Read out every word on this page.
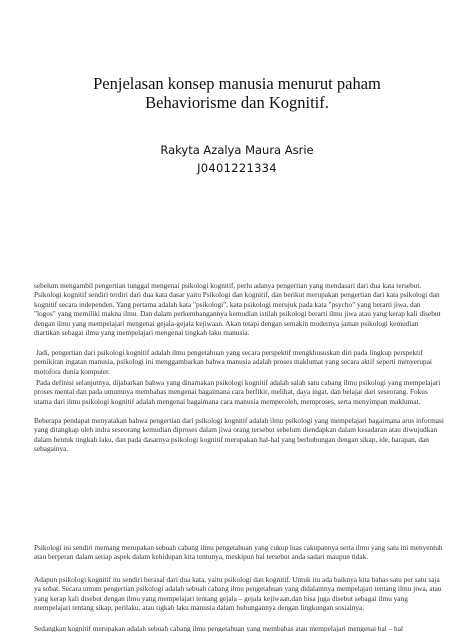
Penjelasan konsep manusia menurut paham
Behaviorisme dan Kognitif.
Rakyta Azalya Maura Asrie
J0401221334

sebelum mengambil pengertian tunggal mengenai psikologi kognitif, perlu adanya pengertian yang mendasari dari dua kata tersebut. Psikologi kognitif sendiri terdiri dari dua kata dasar yaitu Psikologi dan kognitif, dan berikut merupakan pengertian dari kata psikologi dan kognitif secara independen. Yang pertama adalah kata "psikologi", kata psikologi merujuk pada kata "psycho" yang berarti jiwa, dan "logos" yang memiliki makna ilmu. Dan dalam perkembangannya kemudian istilah psikologi berarti ilmu jiwa atau yang kerap kali disebut dengan ilmu yang mempelajari mengenai gejala-gejala kejiwaan. Akan tetapi dengan semakin modernya jaman psikologi kemudian diartikan sebagai ilmu yang mempelajari mengenai tingkah laku manusia.

Jadi, pengertian dari psikologi kognitif adalah ilmu pengetahuan yang secara perspektif mengkhususkan diri pada lingkup perspektif pemikiran ingatan manusia, psikologi ini menggambarkan bahwa manusia adalah proses maklumat yang secara aktif seperti menyerupai motofora dunia komputer.

Pada definisi selanjutnya, dijabarkan bahwa yang dinamakan psikologi kognitif adalah salah satu cabang ilmu psikologi yang mempelajari proses mental dan pada umumnya membahas mengenai bagaimana cara berfikir, melihat, daya ingat, dan belajar dari seseorang. Fokus utama dari ilmu psikologi kognitif adalah mengenai bagaimana cara manusia memperoleh, memproses, serta menyimpan maklumat.

Beberapa pendapat menyatakan bahwa pengertian dari psikologi kognitif adalah ilmu psikologi yang mempelajari bagaimana arus informasi yang ditangkap oleh indra seseorang kemudian diproses dalam jiwa orang tersebut sebelum diendapkan dalam kesadaran atau diwujudkan dalam bentuk tingkah laku, dan pada dasarnya psikologi kognitif merupakan hal-hal yang berhubungan dengan sikap, ide, harapan, dan sebagainya.

Psikologi ini sendiri memang merupakan sebuah cabang ilmu pengetahuan yang cukup luas cakupannya serta ilmu yang satu ini menyentuh atau berperan dalam setiap aspek dalam kehidupan kita tentunya, meskipun hal tersebut anda sadari maupun tidak.

Adapun psikologi kognitif itu sendiri berasal dari dua kata, yaitu psikologi dan kognitif. Untuk itu ada baiknya kita bahas satu per satu saja ya sobat. Secara umum pengertian psikologi adalah sebuah cabang ilmu pengetahuan yang didalamnya mempelajari tentang ilmu jiwa, atau yang kerap kali disebut dengan ilmu yang mempelajari tentang gejala – gejala kejiwaan,dan bisa juga disebut sebagai ilmu yang mempelajari tentang sikap, perilaku, atau tigkah laku manusia dalam hubungannya dengan lingkungan sosialnya.

Sedangkan kognitif merupakan adalah sebuah cabang ilmu pengetahuan yang membahas atau mempelajari mengenai hal – hal
